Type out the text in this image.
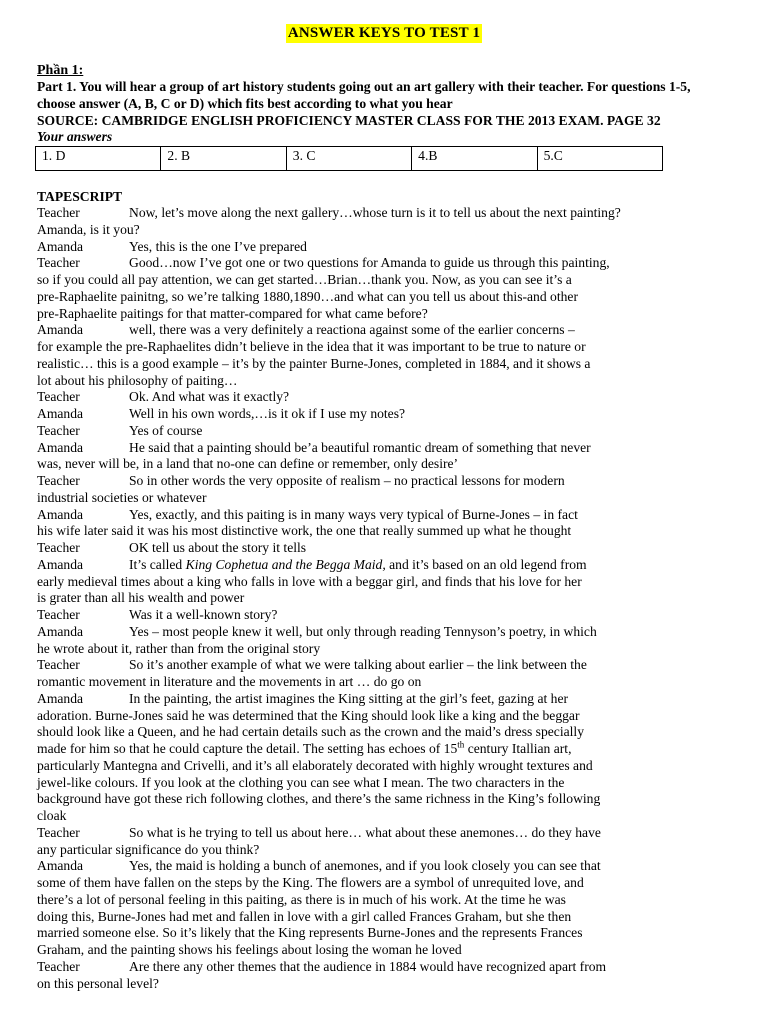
ANSWER KEYS TO TEST 1
Phần 1:
Part 1. You will hear a group of art history students going out an art gallery with their teacher. For questions 1-5, choose answer (A, B, C or D) which fits best according to what you hear
SOURCE: CAMBRIDGE ENGLISH PROFICIENCY MASTER CLASS FOR THE 2013 EXAM. PAGE 32
Your answers
1. D	2. B	3. C	4.B	5.C
TAPESCRIPT
Teacher	Now, let’s move along the next gallery…whose turn is it to tell us about the next painting?
Amanda, is it you?
Amanda	Yes, this is the one I’ve prepared
Teacher	Good…now I’ve got one or two questions for Amanda to guide us through this painting,
so if you could all pay attention, we can get started…Brian…thank you. Now, as you can see it’s a
pre-Raphaelite painitng, so we’re talking 1880,1890…and what can you tell us about this-and other
pre-Raphaelite paitings for that matter-compared for what came before?
Amanda	well, there was a very definitely a reactiona against some of the earlier concerns –
for example the pre-Raphaelites didn’t believe in the idea that it was important to be true to nature or
realistic… this is a good example – it’s by the painter Burne-Jones, completed in 1884, and it shows a
lot about his philosophy of paiting…
Teacher	Ok. And what was it exactly?
Amanda	Well in his own words,…is it ok if I use my notes?
Teacher	Yes of course
Amanda	He said that a painting should be’a beautiful romantic dream of something that never
was, never will be, in a land that no-one can define or remember, only desire’
Teacher	So in other words the very opposite of realism – no practical lessons for modern
industrial societies or whatever
Amanda	Yes, exactly, and this paiting is in many ways very typical of Burne-Jones – in fact
his wife later said it was his most distinctive work, the one that really summed up what he thought
Teacher	OK tell us about the story it tells
Amanda	It’s called King Cophetua and the Begga Maid, and it’s based on an old legend from
early medieval times about a king who falls in love with a beggar girl, and finds that his love for her
is grater than all his wealth and power
Teacher	Was it a well-known story?
Amanda	Yes – most people knew it well, but only through reading Tennyson’s poetry, in which
he wrote about it, rather than from the original story
Teacher	So it’s another example of what we were talking about earlier – the link between the
romantic movement in literature and the movements in art … do go on
Amanda	In the painting, the artist imagines the King sitting at the girl’s feet, gazing at her
adoration. Burne-Jones said he was determined that the King should look like a king and the beggar
should look like a Queen, and he had certain details such as the crown and the maid’s dress specially
made for him so that he could capture the detail. The setting has echoes of 15th century Itallian art,
particularly Mantegna and Crivelli, and it’s all elaborately decorated with highly wrought textures and
jewel-like colours. If you look at the clothing you can see what I mean. The two characters in the
background have got these rich following clothes, and there’s the same richness in the King’s following
cloak
Teacher	So what is he trying to tell us about here… what about these anemones… do they have
any particular significance do you think?
Amanda	Yes, the maid is holding a bunch of anemones, and if you look closely you can see that
some of them have fallen on the steps by the King. The flowers are a symbol of unrequited love, and
there’s a lot of personal feeling in this paiting, as there is in much of his work. At the time he was
doing this, Burne-Jones had met and fallen in love with a girl called Frances Graham, but she then
married someone else. So it’s likely that the King represents Burne-Jones and the represents Frances
Graham, and the painting shows his feelings about losing the woman he loved
Teacher	Are there any other themes that the audience in 1884 would have recognized apart from
on this personal level?
